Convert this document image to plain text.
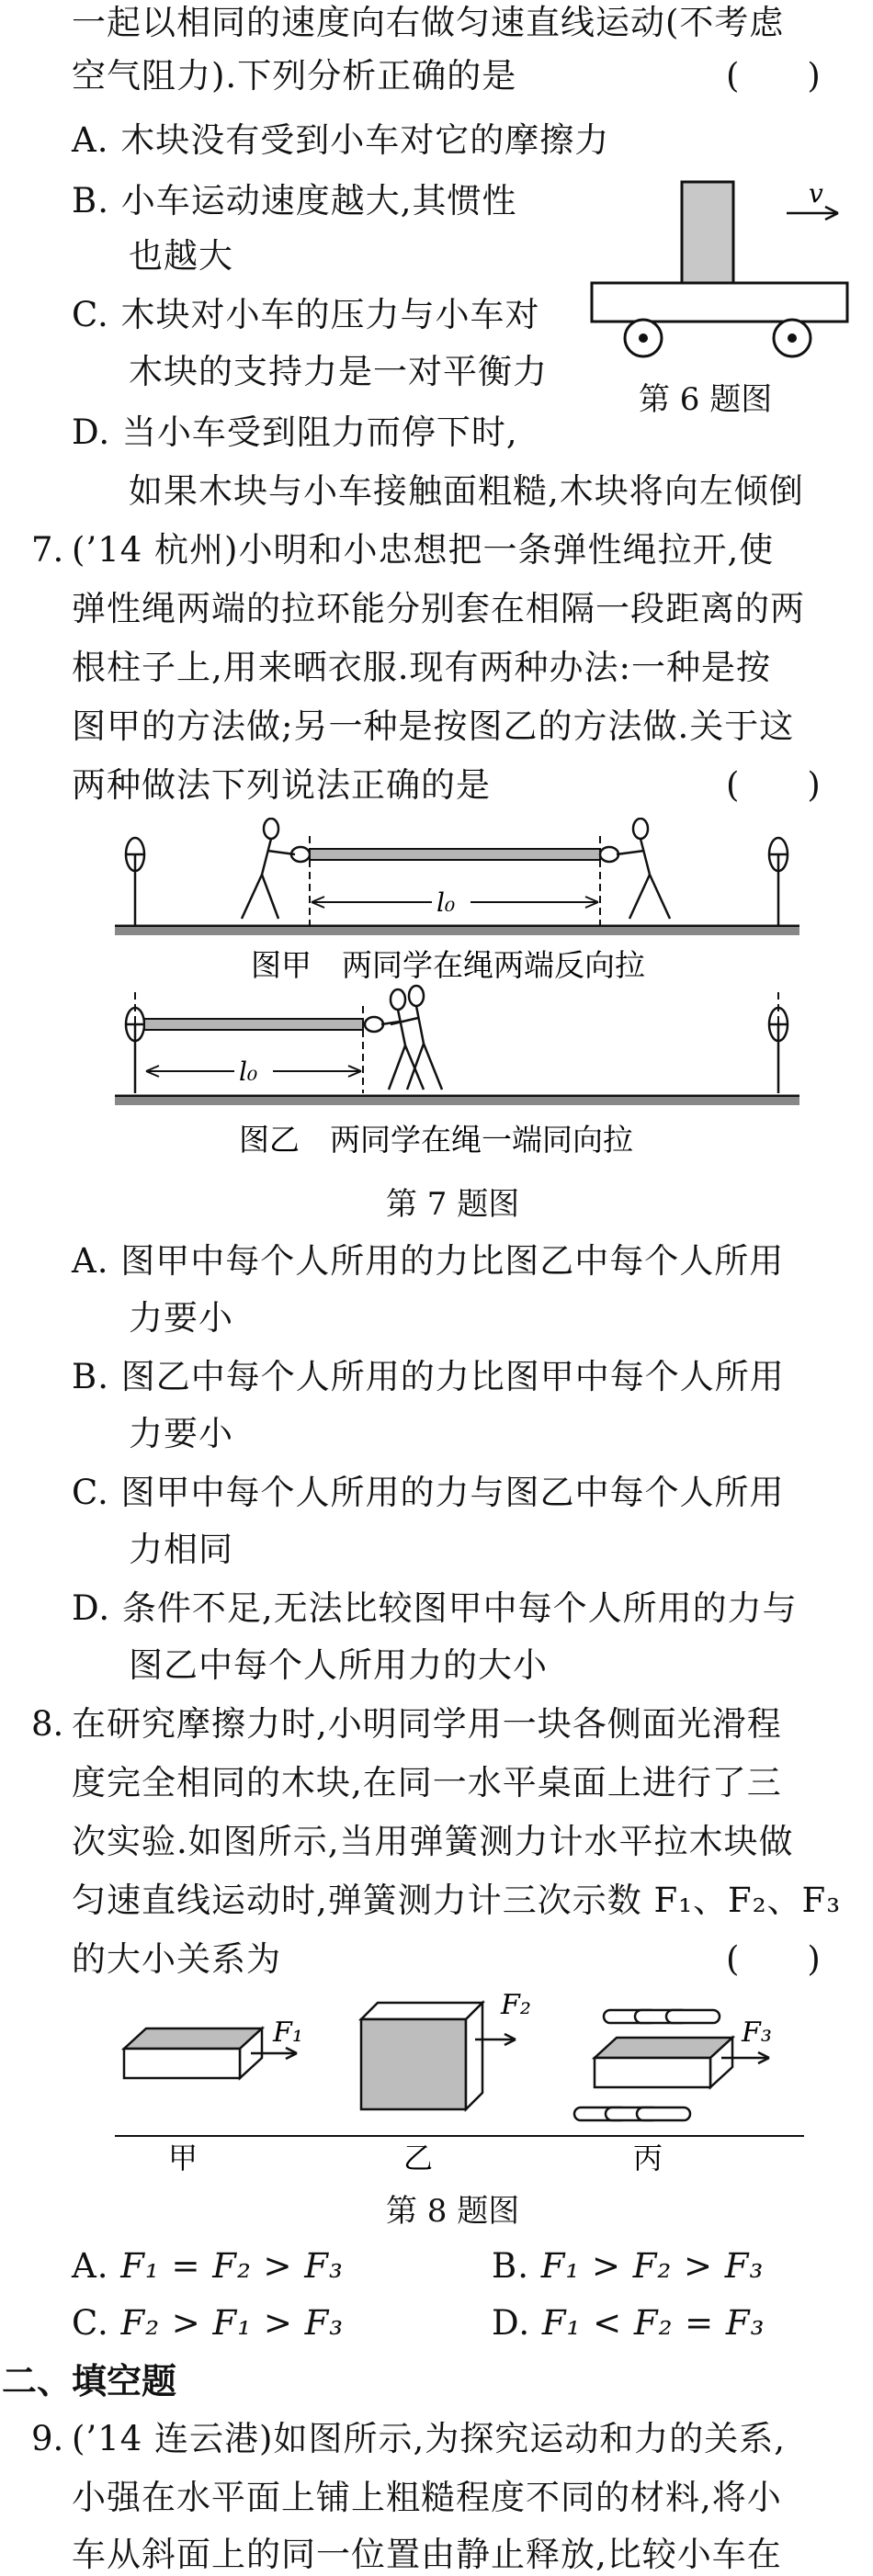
一起以相同的速度向右做匀速直线运动(不考虑
空气阻力).下列分析正确的是	(　　)
A. 木块没有受到小车对它的摩擦力
B. 小车运动速度越大,其惯性
也越大
C. 木块对小车的压力与小车对
木块的支持力是一对平衡力
D. 当小车受到阻力而停下时,
如果木块与小车接触面粗糙,木块将向左倾倒
v
第 6 题图
7. (’14 杭州)小明和小忠想把一条弹性绳拉开,使
弹性绳两端的拉环能分别套在相隔一段距离的两
根柱子上,用来晒衣服.现有两种办法:一种是按
图甲的方法做;另一种是按图乙的方法做.关于这
两种做法下列说法正确的是	(　　)
l₀
图甲　两同学在绳两端反向拉
l₀
图乙　两同学在绳一端同向拉
第 7 题图
A. 图甲中每个人所用的力比图乙中每个人所用
力要小
B. 图乙中每个人所用的力比图甲中每个人所用
力要小
C. 图甲中每个人所用的力与图乙中每个人所用
力相同
D. 条件不足,无法比较图甲中每个人所用的力与
图乙中每个人所用力的大小
8. 在研究摩擦力时,小明同学用一块各侧面光滑程
度完全相同的木块,在同一水平桌面上进行了三
次实验.如图所示,当用弹簧测力计水平拉木块做
匀速直线运动时,弹簧测力计三次示数 F₁、F₂、F₃
的大小关系为	(　　)
F₁
甲
F₂
乙
F₃
丙
第 8 题图
A. F₁ = F₂ > F₃	B. F₁ > F₂ > F₃
C. F₂ > F₁ > F₃	D. F₁ < F₂ = F₃
二、填空题
9. (’14 连云港)如图所示,为探究运动和力的关系,
小强在水平面上铺上粗糙程度不同的材料,将小
车从斜面上的同一位置由静止释放,比较小车在
